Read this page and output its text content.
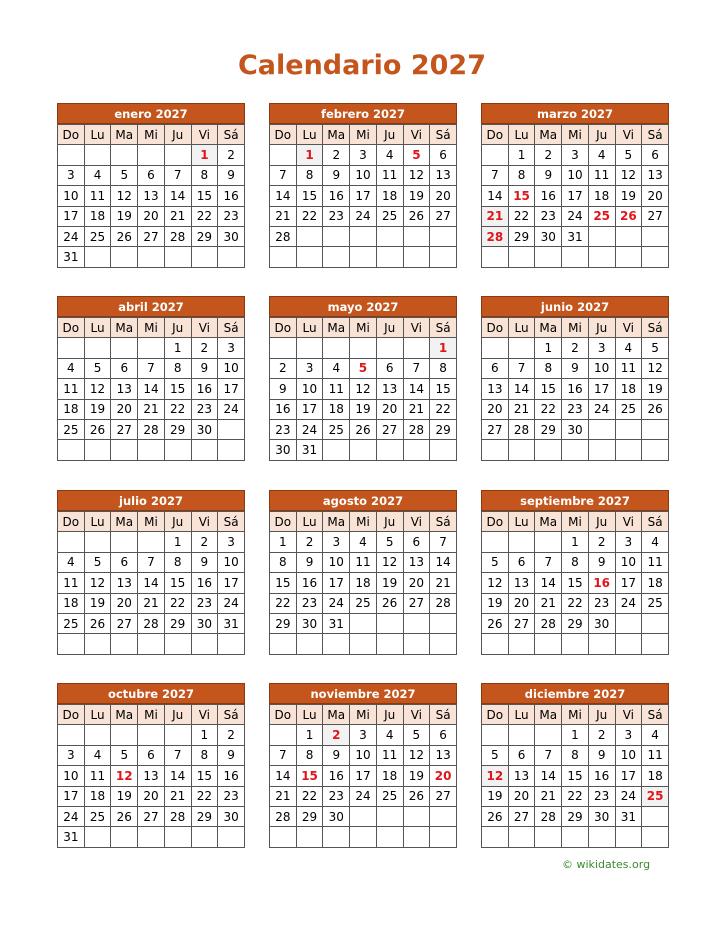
Calendario 2027
enero 2027
Do	Lu	Ma	Mi	Ju	Vi	Sá
					1	2
3	4	5	6	7	8	9
10	11	12	13	14	15	16
17	18	19	20	21	22	23
24	25	26	27	28	29	30
31						
febrero 2027
Do	Lu	Ma	Mi	Ju	Vi	Sá
	1	2	3	4	5	6
7	8	9	10	11	12	13
14	15	16	17	18	19	20
21	22	23	24	25	26	27
28						

marzo 2027
Do	Lu	Ma	Mi	Ju	Vi	Sá
	1	2	3	4	5	6
7	8	9	10	11	12	13
14	15	16	17	18	19	20
21	22	23	24	25	26	27
28	29	30	31			

abril 2027
Do	Lu	Ma	Mi	Ju	Vi	Sá
				1	2	3
4	5	6	7	8	9	10
11	12	13	14	15	16	17
18	19	20	21	22	23	24
25	26	27	28	29	30	

mayo 2027
Do	Lu	Ma	Mi	Ju	Vi	Sá
						1
2	3	4	5	6	7	8
9	10	11	12	13	14	15
16	17	18	19	20	21	22
23	24	25	26	27	28	29
30	31					
junio 2027
Do	Lu	Ma	Mi	Ju	Vi	Sá
		1	2	3	4	5
6	7	8	9	10	11	12
13	14	15	16	17	18	19
20	21	22	23	24	25	26
27	28	29	30			

julio 2027
Do	Lu	Ma	Mi	Ju	Vi	Sá
				1	2	3
4	5	6	7	8	9	10
11	12	13	14	15	16	17
18	19	20	21	22	23	24
25	26	27	28	29	30	31

agosto 2027
Do	Lu	Ma	Mi	Ju	Vi	Sá
1	2	3	4	5	6	7
8	9	10	11	12	13	14
15	16	17	18	19	20	21
22	23	24	25	26	27	28
29	30	31				

septiembre 2027
Do	Lu	Ma	Mi	Ju	Vi	Sá
			1	2	3	4
5	6	7	8	9	10	11
12	13	14	15	16	17	18
19	20	21	22	23	24	25
26	27	28	29	30		

octubre 2027
Do	Lu	Ma	Mi	Ju	Vi	Sá
					1	2
3	4	5	6	7	8	9
10	11	12	13	14	15	16
17	18	19	20	21	22	23
24	25	26	27	28	29	30
31						
noviembre 2027
Do	Lu	Ma	Mi	Ju	Vi	Sá
	1	2	3	4	5	6
7	8	9	10	11	12	13
14	15	16	17	18	19	20
21	22	23	24	25	26	27
28	29	30				

diciembre 2027
Do	Lu	Ma	Mi	Ju	Vi	Sá
			1	2	3	4
5	6	7	8	9	10	11
12	13	14	15	16	17	18
19	20	21	22	23	24	25
26	27	28	29	30	31	

© wikidates.org
